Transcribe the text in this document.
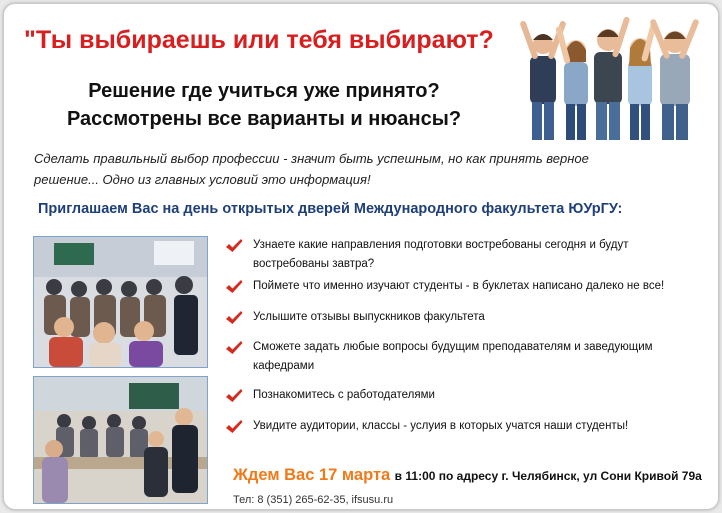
"Ты выбираешь или тебя выбирают?
Решение где учиться уже принято?
Рассмотрены все варианты и нюансы?
Сделать правильный выбор профессии - значит быть успешным, но как принять верное решение... Одно из главных условий это информация!
Приглашаем Вас на день открытых дверей Международного факультета ЮУрГУ:
Узнаете какие направления подготовки востребованы сегодня и будут востребованы завтра?
Поймете что именно изучают студенты - в буклетах написано далеко не все!
Услышите отзывы выпускников факультета
Сможете задать любые вопросы будущим преподавателям и заведующим кафедрами
Познакомитесь с работодателями
Увидите аудитории, классы - услуия в которых учатся наши студенты!
Ждем Вас 17 марта в 11:00 по адресу г. Челябинск, ул Сони Кривой 79а
Тел: 8 (351) 265-62-35, ifsusu.ru
